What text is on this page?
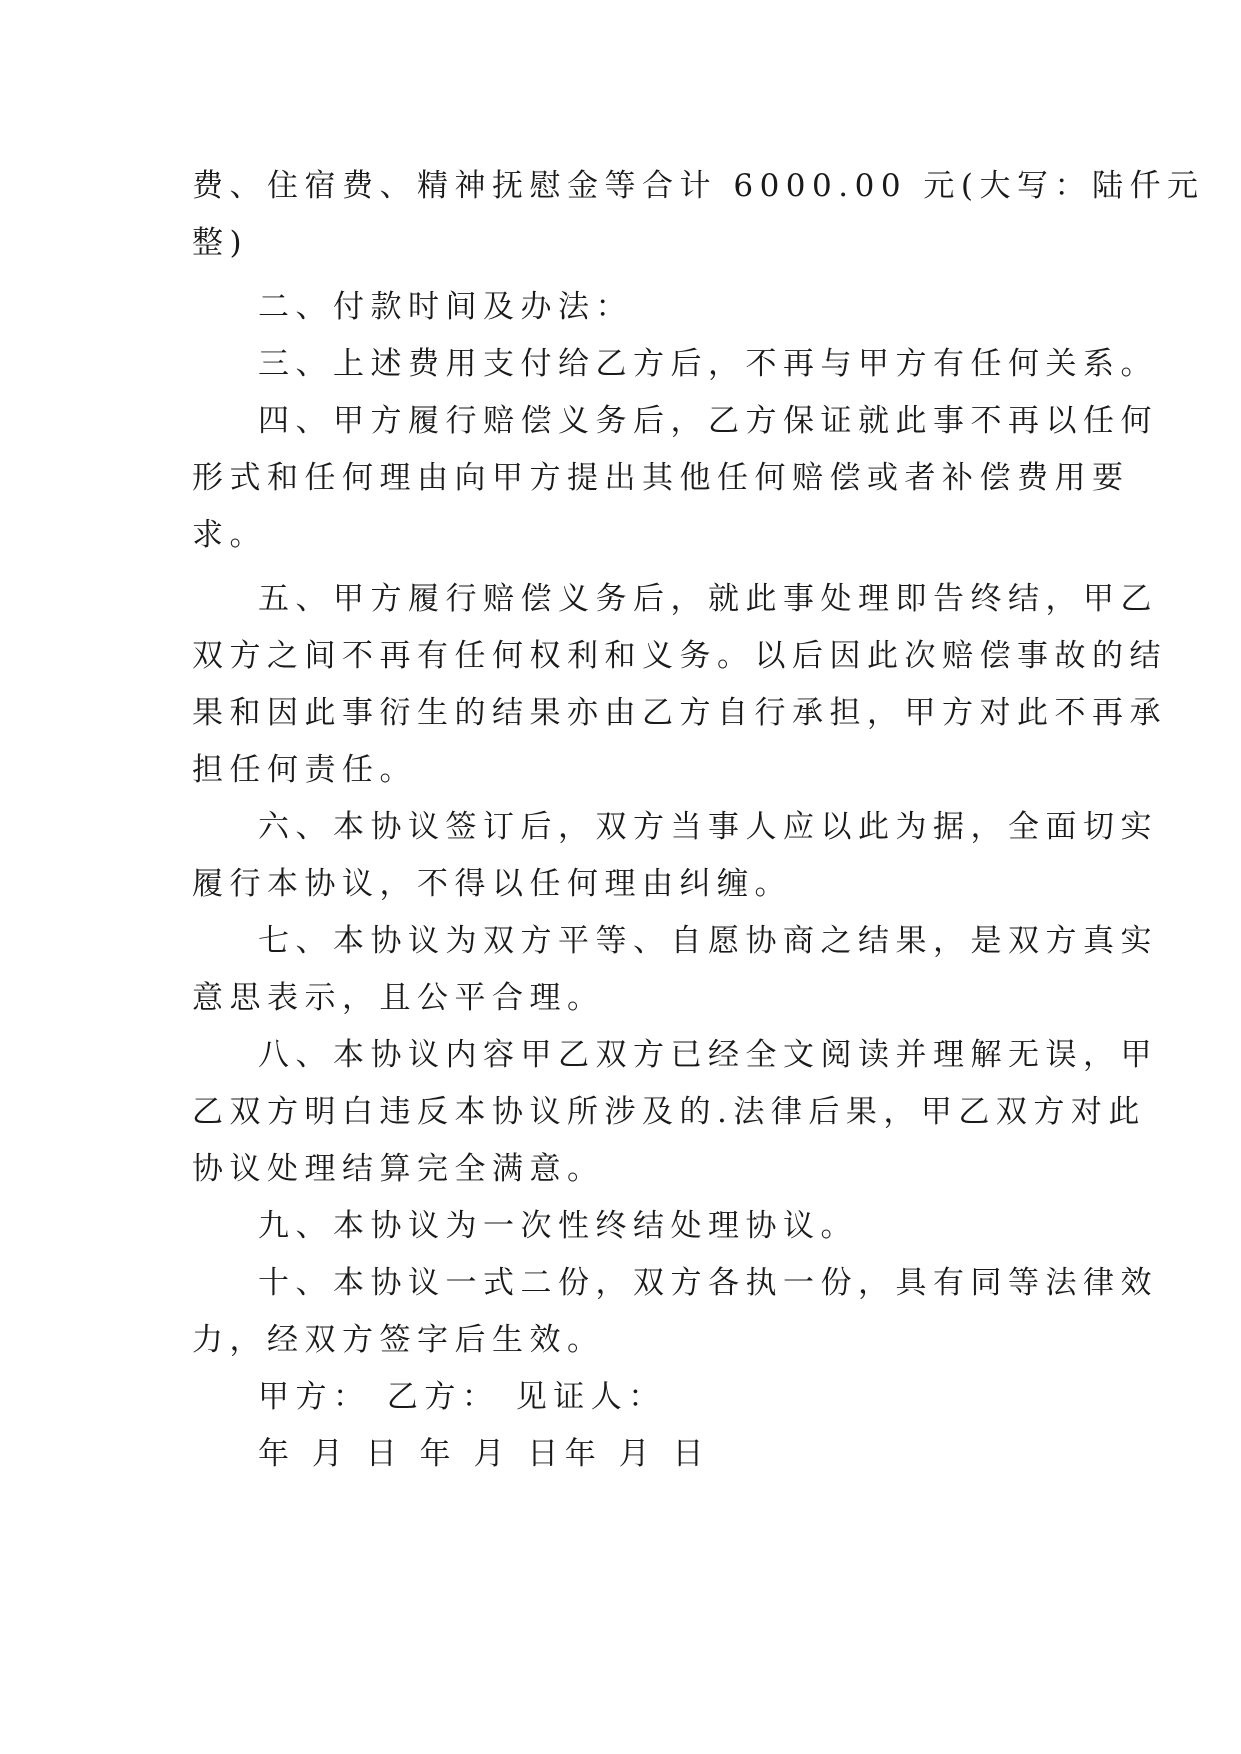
费、住宿费、精神抚慰金等合计 6000.00 元(大写：陆仟元

整)

二、付款时间及办法：

三、上述费用支付给乙方后，不再与甲方有任何关系。

四、甲方履行赔偿义务后，乙方保证就此事不再以任何

形式和任何理由向甲方提出其他任何赔偿或者补偿费用要

求。

五、甲方履行赔偿义务后，就此事处理即告终结，甲乙

双方之间不再有任何权利和义务。以后因此次赔偿事故的结

果和因此事衍生的结果亦由乙方自行承担，甲方对此不再承

担任何责任。

六、本协议签订后，双方当事人应以此为据，全面切实

履行本协议，不得以任何理由纠缠。

七、本协议为双方平等、自愿协商之结果，是双方真实

意思表示，且公平合理。

八、本协议内容甲乙双方已经全文阅读并理解无误，甲

乙双方明白违反本协议所涉及的.法律后果，甲乙双方对此

协议处理结算完全满意。

九、本协议为一次性终结处理协议。

十、本协议一式二份，双方各执一份，具有同等法律效

力，经双方签字后生效。

甲方： 乙方： 见证人：

年 月 日 年 月 日年 月 日
